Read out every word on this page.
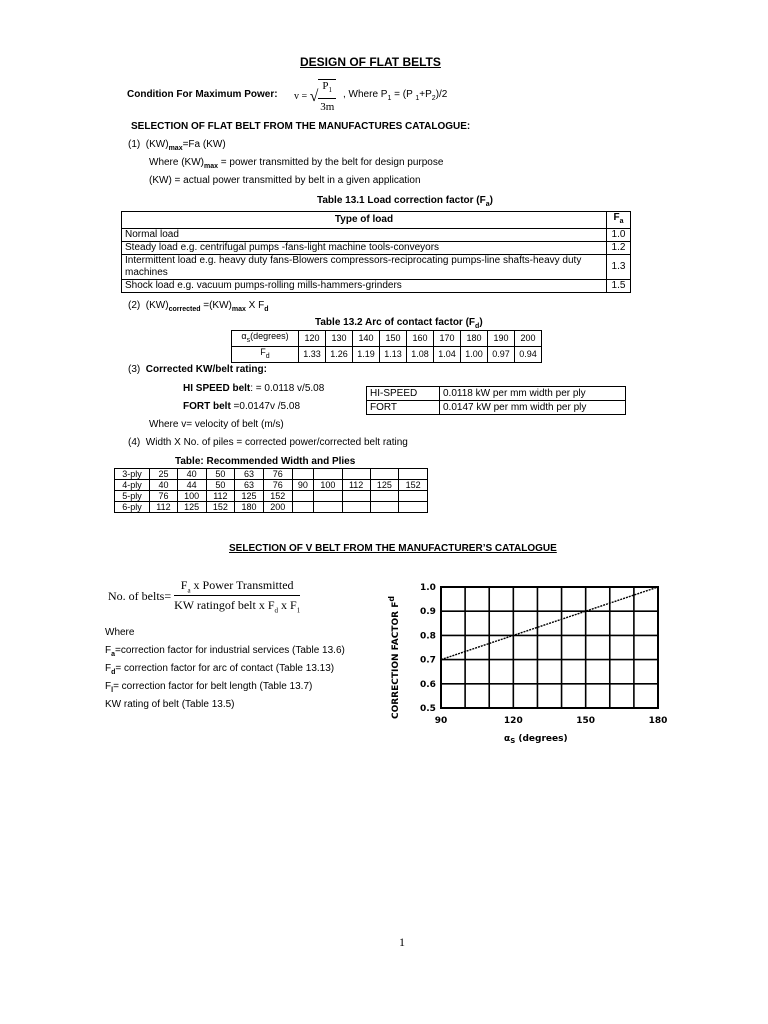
DESIGN OF FLAT BELTS
Condition For Maximum Power: v = √ $\frac{P_1}{3m}$ , Where $P_1 = (P$ $_1+P_2)/2$
SELECTION OF FLAT BELT FROM THE MANUFACTURES CATALOGUE:
(1) $(KW)_{max}=Fa$ (KW)
Where $(KW)_{max}$ = power transmitted by the belt for design purpose
(KW) = actual power transmitted by belt in a given application
Table 13.1 Load correction factor $(F_a)$
Type of load	$F_a$
Normal load	1.0
Steady load e.g. centrifugal pumps -fans-light machine tools-conveyors	1.2
Intermittent load e.g. heavy duty fans-Blowers compressors-reciprocating pumps-line shafts-heavy duty machines	1.3
Shock load e.g. vacuum pumps-rolling mills-hammers-grinders	1.5
(2) $(KW)_{corrected} =(KW)_{max}$ X $F_d$
Table 13.2 Arc of contact factor $(F_d)$
$\alpha_s(degrees)$	120	130	140	150	160	170	180	190	200
$F_d$	1.33	1.26	1.19	1.13	1.08	1.04	1.00	0.97	0.94
(3) Corrected KW/belt rating:
HI SPEED belt: = 0.0118 v/5.08
FORT belt =0.0147v /5.08
HI-SPEED	0.0118 kW per mm width per ply
FORT	0.0147 kW per mm width per ply
Where v= velocity of belt (m/s)
(4) Width X No. of piles = corrected power/corrected belt rating
Table: Recommended Width and Plies
3-ply	25	40	50	63	76					
4-ply	40	44	50	63	76	90	100	112	125	152
5-ply	76	100	112	125	152					
6-ply	112	125	152	180	200					
SELECTION OF V BELT FROM THE MANUFACTURER’S CATALOGUE
No. of belts= $\frac{F_a x Power Transmitted}{KW ratingof belt x F_d x F_1}$
Where
$F_a=correction$ factor for industrial services (Table 13.6)
$F_d=$ correction factor for arc of contact (Table 13.13)
$F_l=$ correction factor for belt length (Table 13.7)
KW rating of belt (Table 13.5)	0.5
0.6
0.7
0.8
0.9
1.0
90	120	150	180
CORRECTION FACTOR Fd
$\alpha_S$ (degrees)
1
